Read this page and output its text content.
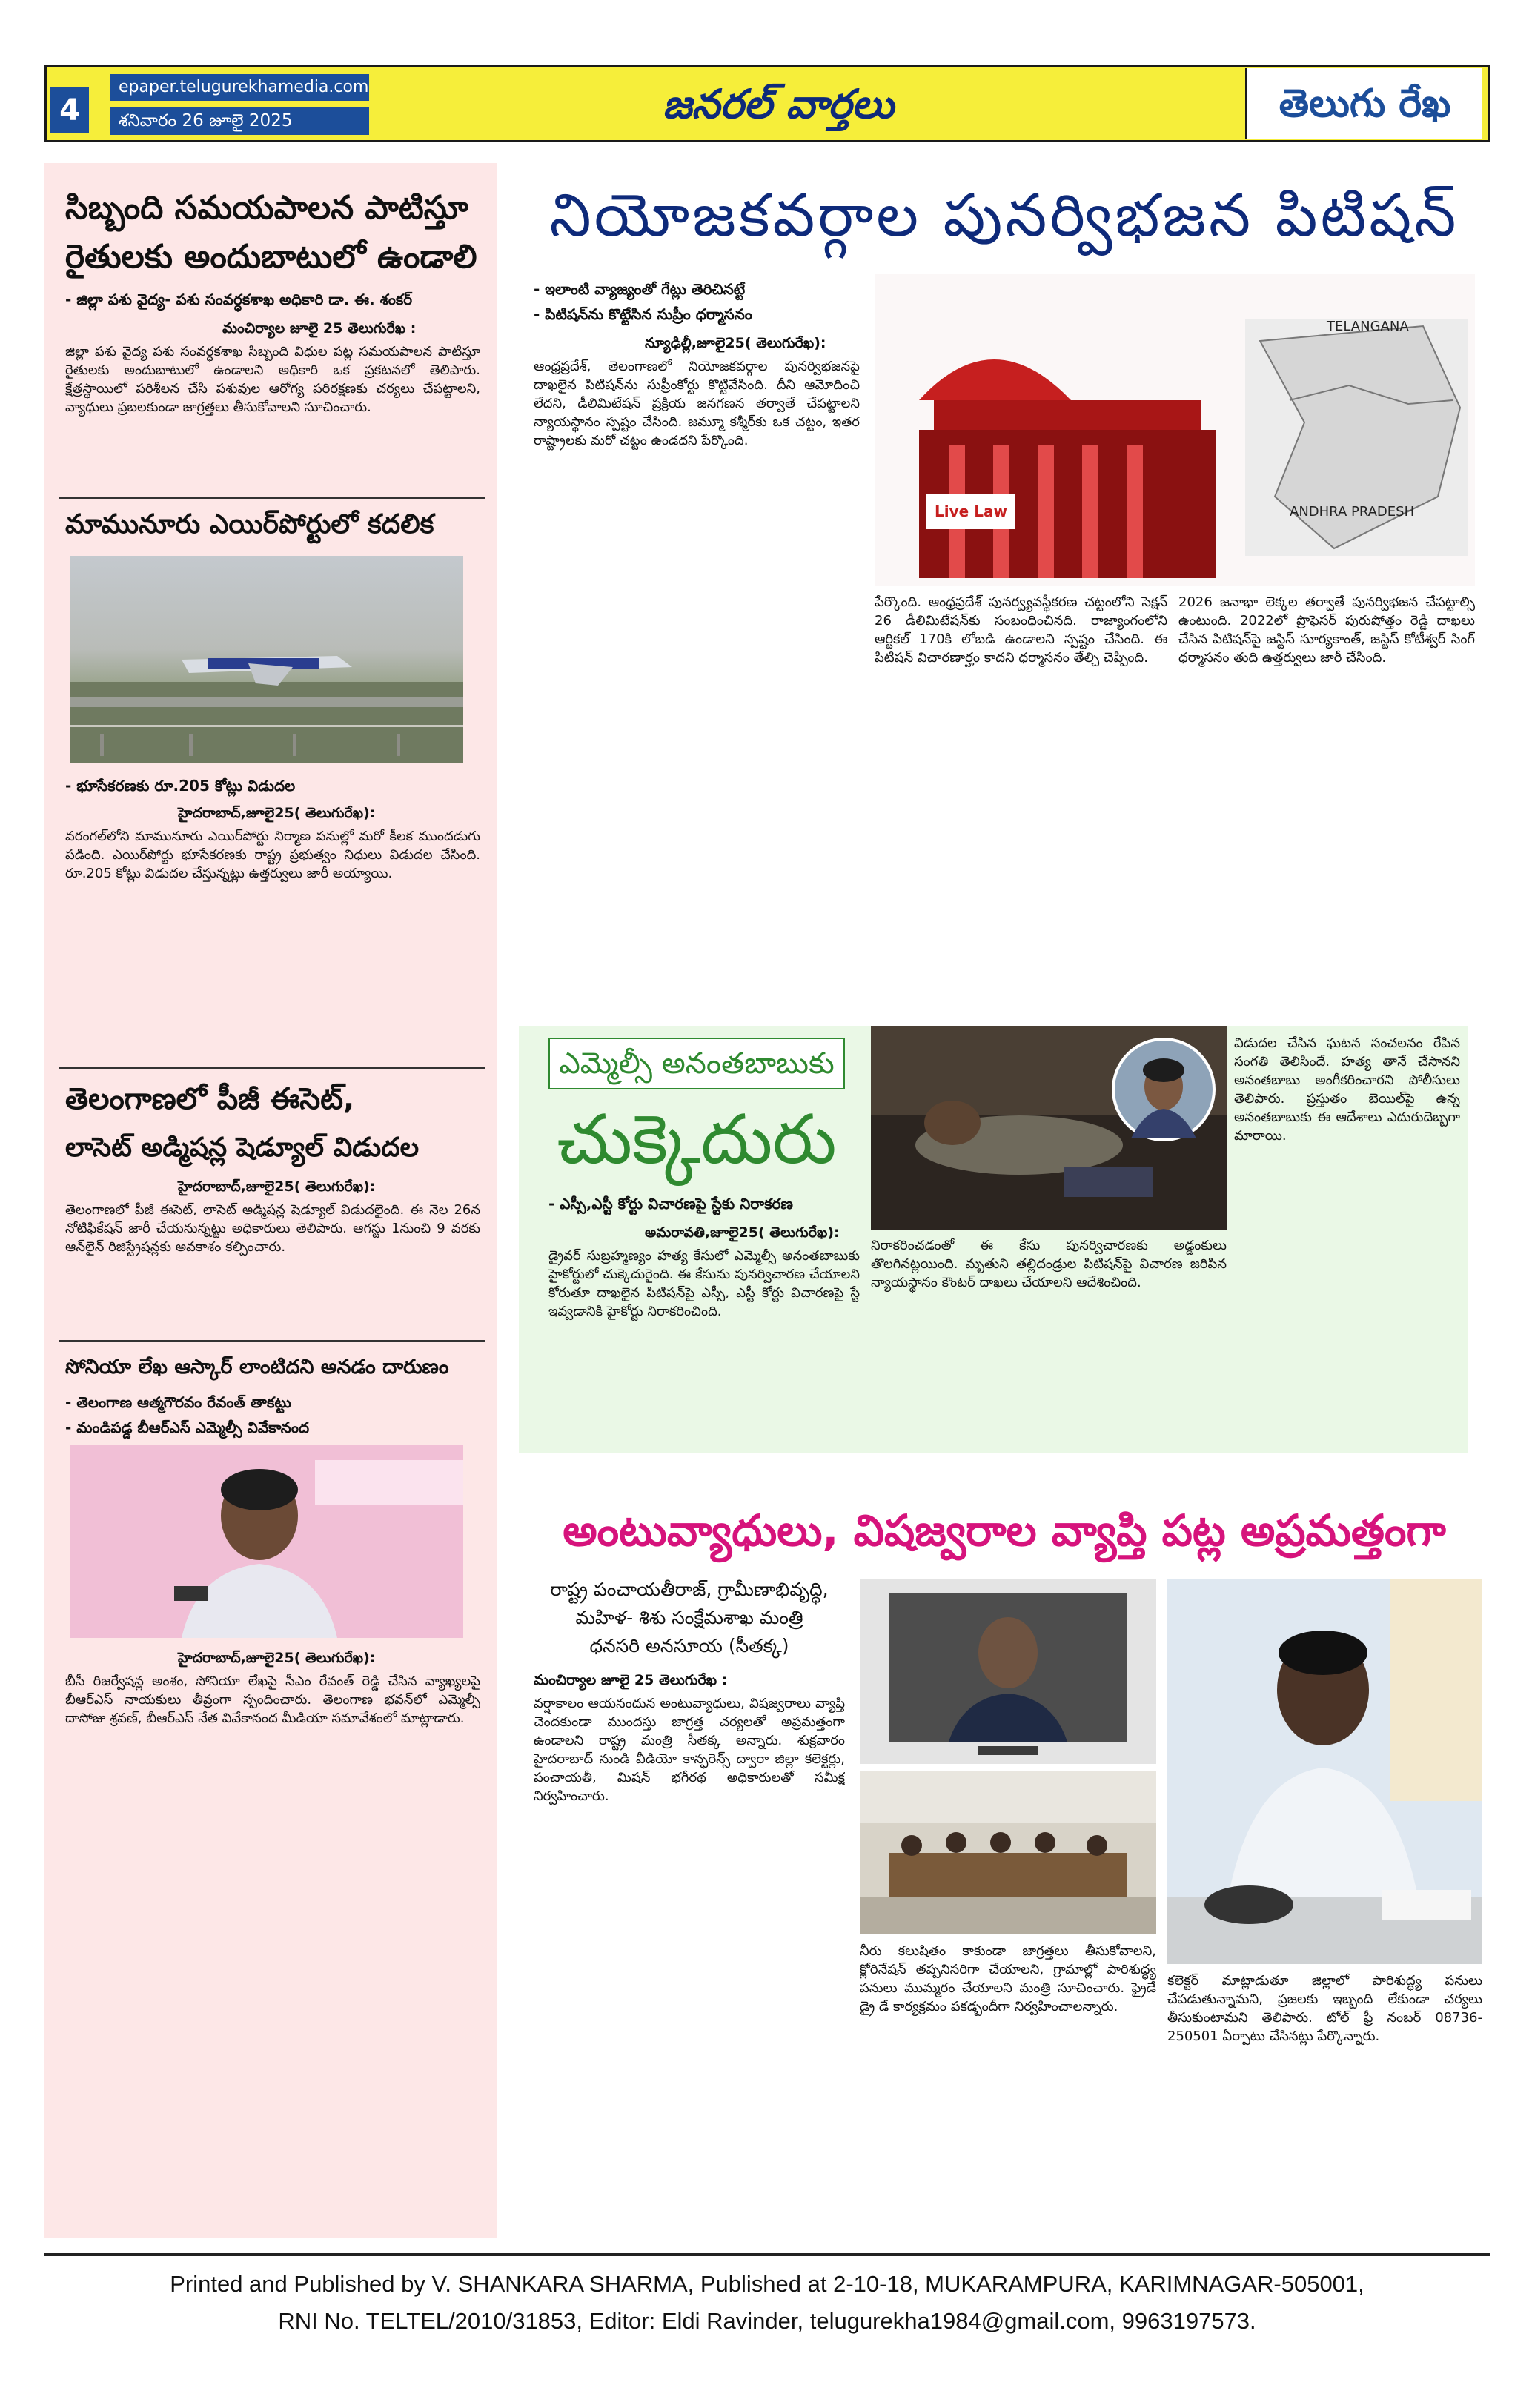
4
epaper.telugurekhamedia.com
శనివారం 26 జూలై 2025	జనరల్ వార్తలు	తెలుగు రేఖ
సిబ్బంది సమయపాలన పాటిస్తూ
రైతులకు అందుబాటులో ఉండాలి
- జిల్లా పశు వైద్య- పశు సంవర్ధకశాఖ అధికారి డా. ఈ. శంకర్
మంచిర్యాల జూలై 25 తెలుగురేఖ :
జిల్లా పశు వైద్య పశు సంవర్ధకశాఖ సిబ్బంది విధుల పట్ల సమయపాలన పాటిస్తూ రైతులకు అందుబాటులో ఉండాలని అధికారి ఒక ప్రకటనలో తెలిపారు. క్షేత్రస్థాయిలో పరిశీలన చేసి పశువుల ఆరోగ్య పరిరక్షణకు చర్యలు చేపట్టాలని, వ్యాధులు ప్రబలకుండా జాగ్రత్తలు తీసుకోవాలని సూచించారు.
మామునూరు ఎయిర్‌పోర్టులో కదలిక
- భూసేకరణకు రూ.205 కోట్లు విడుదల
హైదరాబాద్,జూలై25( తెలుగురేఖ):
వరంగల్‌లోని మామునూరు ఎయిర్‌పోర్టు నిర్మాణ పనుల్లో మరో కీలక ముందడుగు పడింది. ఎయిర్‌పోర్టు భూసేకరణకు రాష్ట్ర ప్రభుత్వం నిధులు విడుదల చేసింది. రూ.205 కోట్లు విడుదల చేస్తున్నట్లు ఉత్తర్వులు జారీ అయ్యాయి.
తెలంగాణలో పీజీ ఈసెట్,
లాసెట్ అడ్మిషన్ల షెడ్యూల్ విడుదల
హైదరాబాద్,జూలై25( తెలుగురేఖ):
తెలంగాణలో పీజీ ఈసెట్, లాసెట్ అడ్మిషన్ల షెడ్యూల్ విడుదలైంది. ఈ నెల 26న నోటిఫికేషన్ జారీ చేయనున్నట్టు అధికారులు తెలిపారు. ఆగస్టు 1నుంచి 9 వరకు ఆన్‌లైన్ రిజిస్ట్రేషన్లకు అవకాశం కల్పించారు.
సోనియా లేఖ ఆస్కార్ లాంటిదని అనడం దారుణం
- తెలంగాణ ఆత్మగౌరవం రేవంత్ తాకట్టు
- మండిపడ్డ బీఆర్ఎస్ ఎమ్మెల్సీ వివేకానంద
హైదరాబాద్,జూలై25( తెలుగురేఖ):
బీసీ రిజర్వేషన్ల అంశం, సోనియా లేఖపై సీఎం రేవంత్ రెడ్డి చేసిన వ్యాఖ్యలపై బీఆర్ఎస్ నాయకులు తీవ్రంగా స్పందించారు. తెలంగాణ భవన్‌లో ఎమ్మెల్సీ దాసోజు శ్రవణ్, బీఆర్ఎస్ నేత వివేకానంద మీడియా సమావేశంలో మాట్లాడారు.
నియోజకవర్గాల పునర్విభజన పిటిషన్
- ఇలాంటి వ్యాజ్యంతో గేట్లు తెరిచినట్టే
- పిటిషన్‌ను కొట్టేసిన సుప్రీం ధర్మాసనం
న్యూఢిల్లీ,జూలై25( తెలుగురేఖ):
ఆంధ్రప్రదేశ్, తెలంగాణలో నియోజకవర్గాల పునర్విభజనపై దాఖలైన పిటిషన్‌ను సుప్రీంకోర్టు కొట్టివేసింది. దీని ఆమోదించి లేదని, డీలిమిటేషన్ ప్రక్రియ జనగణన తర్వాతే చేపట్టాలని న్యాయస్థానం స్పష్టం చేసింది. జమ్మూ కశ్మీర్‌కు ఒక చట్టం, ఇతర రాష్ట్రాలకు మరో చట్టం ఉండదని పేర్కొంది.
TELANGANA
ANDHRA PRADESH
Live Law
పేర్కొంది. ఆంధ్రప్రదేశ్ పునర్వ్యవస్థీకరణ చట్టంలోని సెక్షన్ 26 డీలిమిటేషన్‌కు సంబంధించినది. రాజ్యాంగంలోని ఆర్టికల్ 170కి లోబడి ఉండాలని స్పష్టం చేసింది. ఈ పిటిషన్ విచారణార్హం కాదని ధర్మాసనం తేల్చి చెప్పింది.
2026 జనాభా లెక్కల తర్వాతే పునర్విభజన చేపట్టాల్సి ఉంటుంది. 2022లో ప్రొఫెసర్ పురుషోత్తం రెడ్డి దాఖలు చేసిన పిటిషన్‌పై జస్టిస్ సూర్యకాంత్, జస్టిస్ కోటీశ్వర్ సింగ్ ధర్మాసనం తుది ఉత్తర్వులు జారీ చేసింది.
ఎమ్మెల్సీ అనంతబాబుకు
చుక్కెదురు
- ఎస్సీ,ఎస్టీ కోర్టు విచారణపై స్టేకు నిరాకరణ
అమరావతి,జూలై25( తెలుగురేఖ):
డ్రైవర్ సుబ్రహ్మణ్యం హత్య కేసులో ఎమ్మెల్సీ అనంతబాబుకు హైకోర్టులో చుక్కెదురైంది. ఈ కేసును పునర్విచారణ చేయాలని కోరుతూ దాఖలైన పిటిషన్‌పై ఎస్సీ, ఎస్టీ కోర్టు విచారణపై స్టే ఇవ్వడానికి హైకోర్టు నిరాకరించింది.
నిరాకరించడంతో ఈ కేసు పునర్విచారణకు అడ్డంకులు తొలగినట్లయింది. మృతుని తల్లిదండ్రుల పిటిషన్‌పై విచారణ జరిపిన న్యాయస్థానం కౌంటర్ దాఖలు చేయాలని ఆదేశించింది.
విడుదల చేసిన ఘటన సంచలనం రేపిన సంగతి తెలిసిందే. హత్య తానే చేసానని అనంతబాబు అంగీకరించారని పోలీసులు తెలిపారు. ప్రస్తుతం బెయిల్‌పై ఉన్న అనంతబాబుకు ఈ ఆదేశాలు ఎదురుదెబ్బగా మారాయి.
అంటువ్యాధులు, విషజ్వరాల వ్యాప్తి పట్ల అప్రమత్తంగా
రాష్ట్ర పంచాయతీరాజ్, గ్రామీణాభివృద్ధి,
మహిళ- శిశు సంక్షేమశాఖ మంత్రి
ధనసరి అనసూయ (సీతక్క)
మంచిర్యాల జూలై 25 తెలుగురేఖ :
వర్షాకాలం ఆయనందున అంటువ్యాధులు, విషజ్వరాలు వ్యాప్తి చెందకుండా ముందస్తు జాగ్రత్త చర్యలతో అప్రమత్తంగా ఉండాలని రాష్ట్ర మంత్రి సీతక్క అన్నారు. శుక్రవారం హైదరాబాద్ నుండి వీడియో కాన్ఫరెన్స్ ద్వారా జిల్లా కలెక్టర్లు, పంచాయతీ, మిషన్ భగీరథ అధికారులతో సమీక్ష నిర్వహించారు.
నీరు కలుషితం కాకుండా జాగ్రత్తలు తీసుకోవాలని, క్లోరినేషన్ తప్పనిసరిగా చేయాలని, గ్రామాల్లో పారిశుద్ధ్య పనులు ముమ్మరం చేయాలని మంత్రి సూచించారు. ఫ్రైడే డ్రై డే కార్యక్రమం పకడ్బందీగా నిర్వహించాలన్నారు.
కలెక్టర్ మాట్లాడుతూ జిల్లాలో పారిశుద్ధ్య పనులు చేపడుతున్నామని, ప్రజలకు ఇబ్బంది లేకుండా చర్యలు తీసుకుంటామని తెలిపారు. టోల్ ఫ్రీ నంబర్ 08736-250501 ఏర్పాటు చేసినట్లు పేర్కొన్నారు.
Printed and Published by V. SHANKARA SHARMA, Published at 2-10-18, MUKARAMPURA, KARIMNAGAR-505001,
RNI No. TELTEL/2010/31853, Editor: Eldi Ravinder, telugurekha1984@gmail.com, 9963197573.
